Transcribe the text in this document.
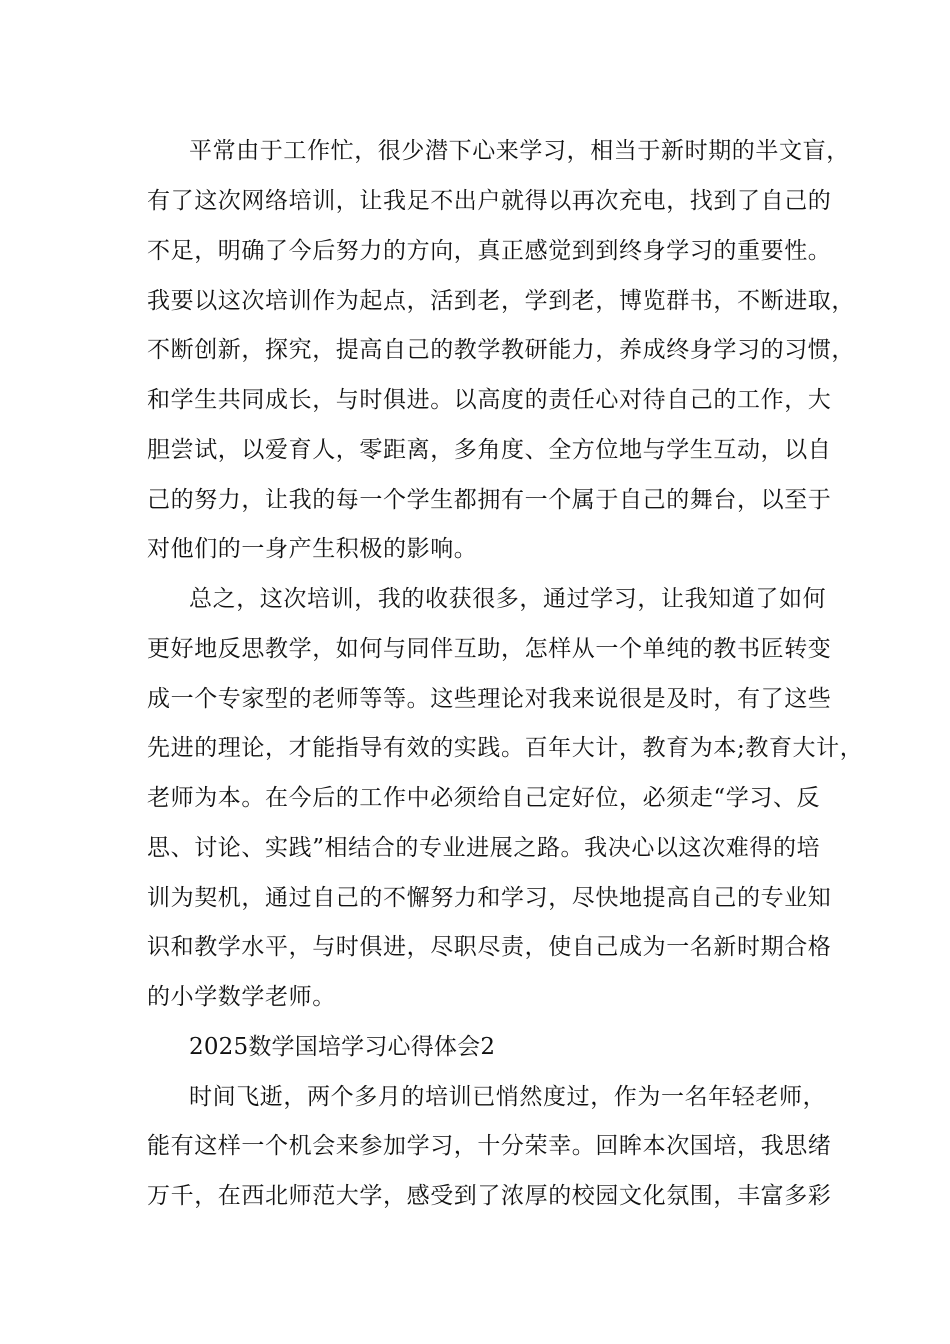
平常由于工作忙，很少潜下心来学习，相当于新时期的半文盲，
有了这次网络培训，让我足不出户就得以再次充电，找到了自己的
不足，明确了今后努力的方向，真正感觉到到终身学习的重要性。
我要以这次培训作为起点，活到老，学到老，博览群书，不断进取，
不断创新，探究，提高自己的教学教研能力，养成终身学习的习惯，
和学生共同成长，与时俱进。以高度的责任心对待自己的工作，大
胆尝试，以爱育人，零距离，多角度、全方位地与学生互动，以自
己的努力，让我的每一个学生都拥有一个属于自己的舞台，以至于
对他们的一身产生积极的影响。
总之，这次培训，我的收获很多，通过学习，让我知道了如何
更好地反思教学，如何与同伴互助，怎样从一个单纯的教书匠转变
成一个专家型的老师等等。这些理论对我来说很是及时，有了这些
先进的理论，才能指导有效的实践。百年大计，教育为本;教育大计，
老师为本。在今后的工作中必须给自己定好位，必须走“学习、反
思、讨论、实践”相结合的专业进展之路。我决心以这次难得的培
训为契机，通过自己的不懈努力和学习，尽快地提高自己的专业知
识和教学水平，与时俱进，尽职尽责，使自己成为一名新时期合格
的小学数学老师。
2025数学国培学习心得体会2
时间飞逝，两个多月的培训已悄然度过，作为一名年轻老师，
能有这样一个机会来参加学习，十分荣幸。回眸本次国培，我思绪
万千，在西北师范大学，感受到了浓厚的校园文化氛围，丰富多彩
